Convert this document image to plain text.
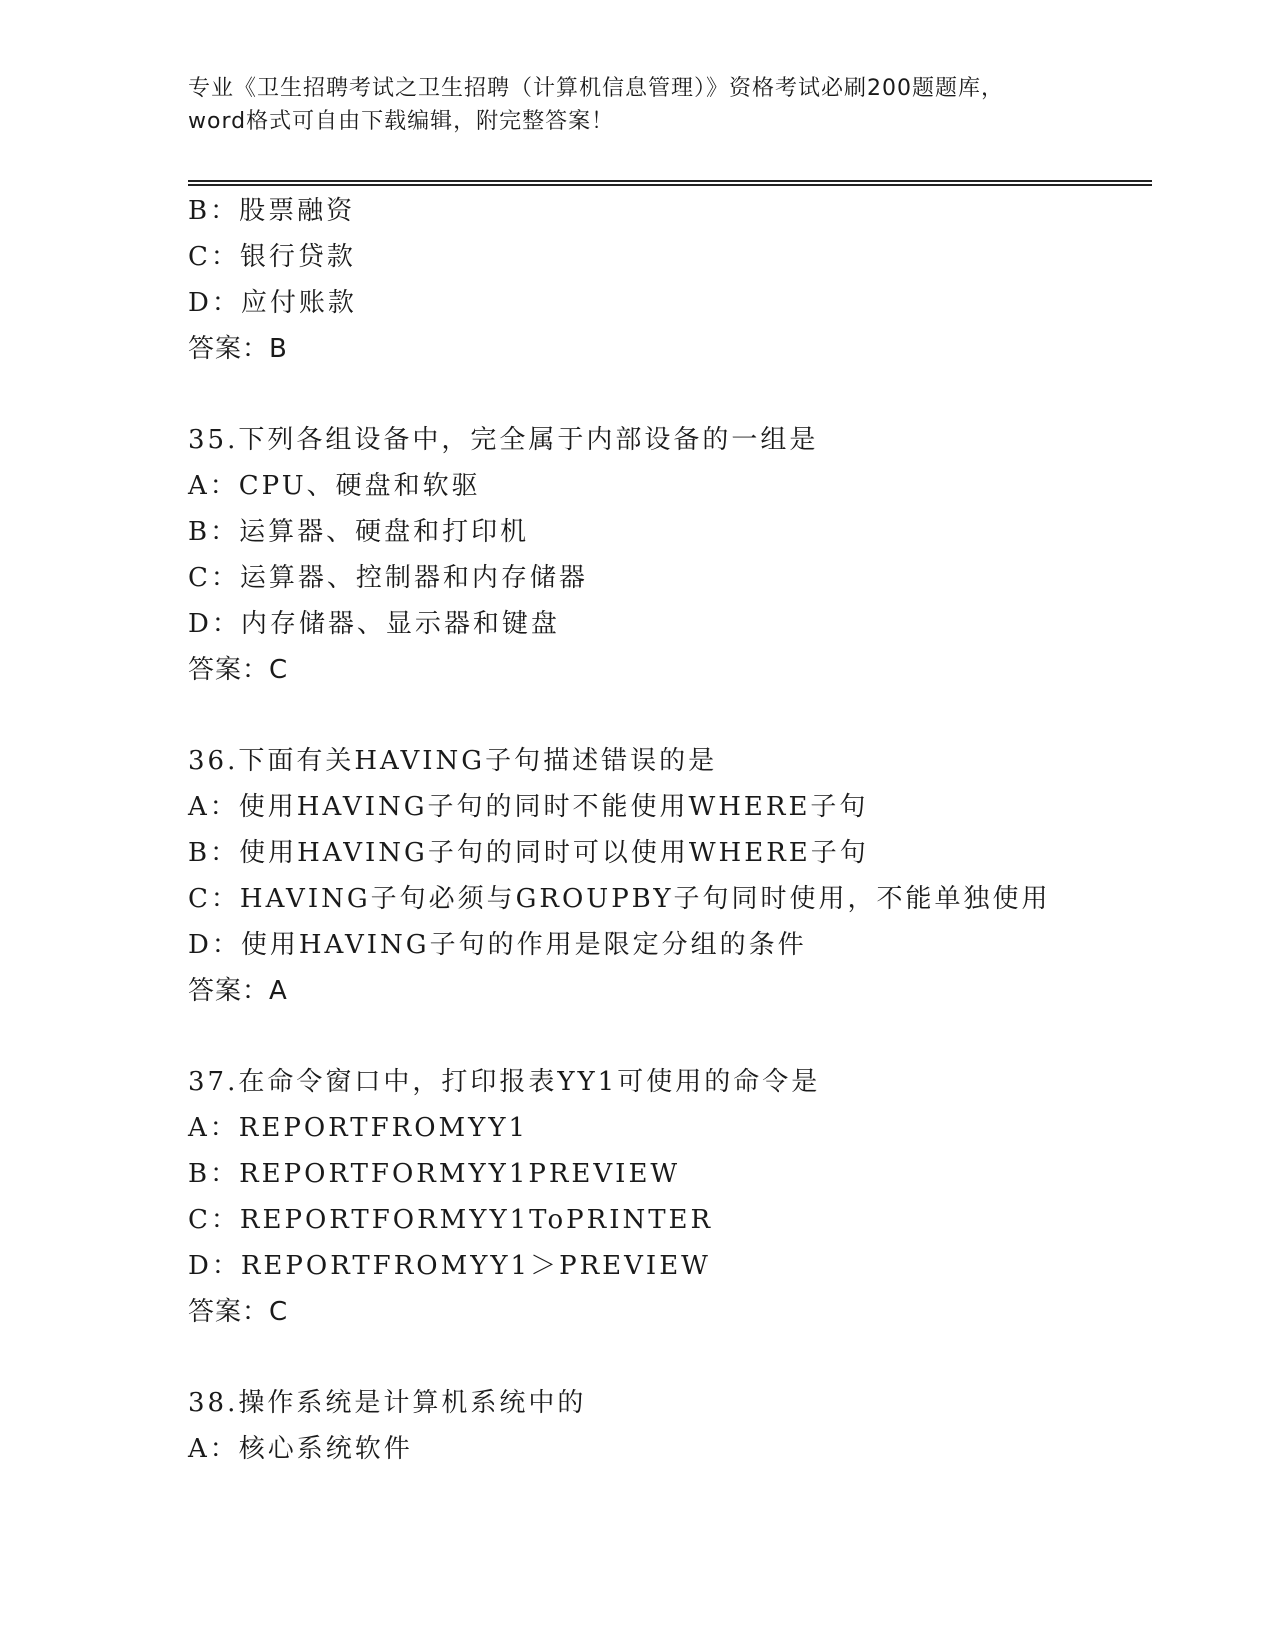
专业《卫生招聘考试之卫生招聘（计算机信息管理）》资格考试必刷200题题库，

word格式可自由下载编辑，附完整答案！

B：股票融资
C：银行贷款
D：应付账款
答案：B
35.下列各组设备中，完全属于内部设备的一组是
A：CPU、硬盘和软驱
B：运算器、硬盘和打印机
C：运算器、控制器和内存储器
D：内存储器、显示器和键盘
答案：C
36.下面有关HAVING子句描述错误的是
A：使用HAVING子句的同时不能使用WHERE子句
B：使用HAVING子句的同时可以使用WHERE子句
C：HAVING子句必须与GROUPBY子句同时使用，不能单独使用
D：使用HAVING子句的作用是限定分组的条件
答案：A
37.在命令窗口中，打印报表YY1可使用的命令是
A：REPORTFROMYY1
B：REPORTFORMYY1PREVIEW
C：REPORTFORMYY1ToPRINTER
D：REPORTFROMYY1＞PREVIEW
答案：C
38.操作系统是计算机系统中的
A：核心系统软件
